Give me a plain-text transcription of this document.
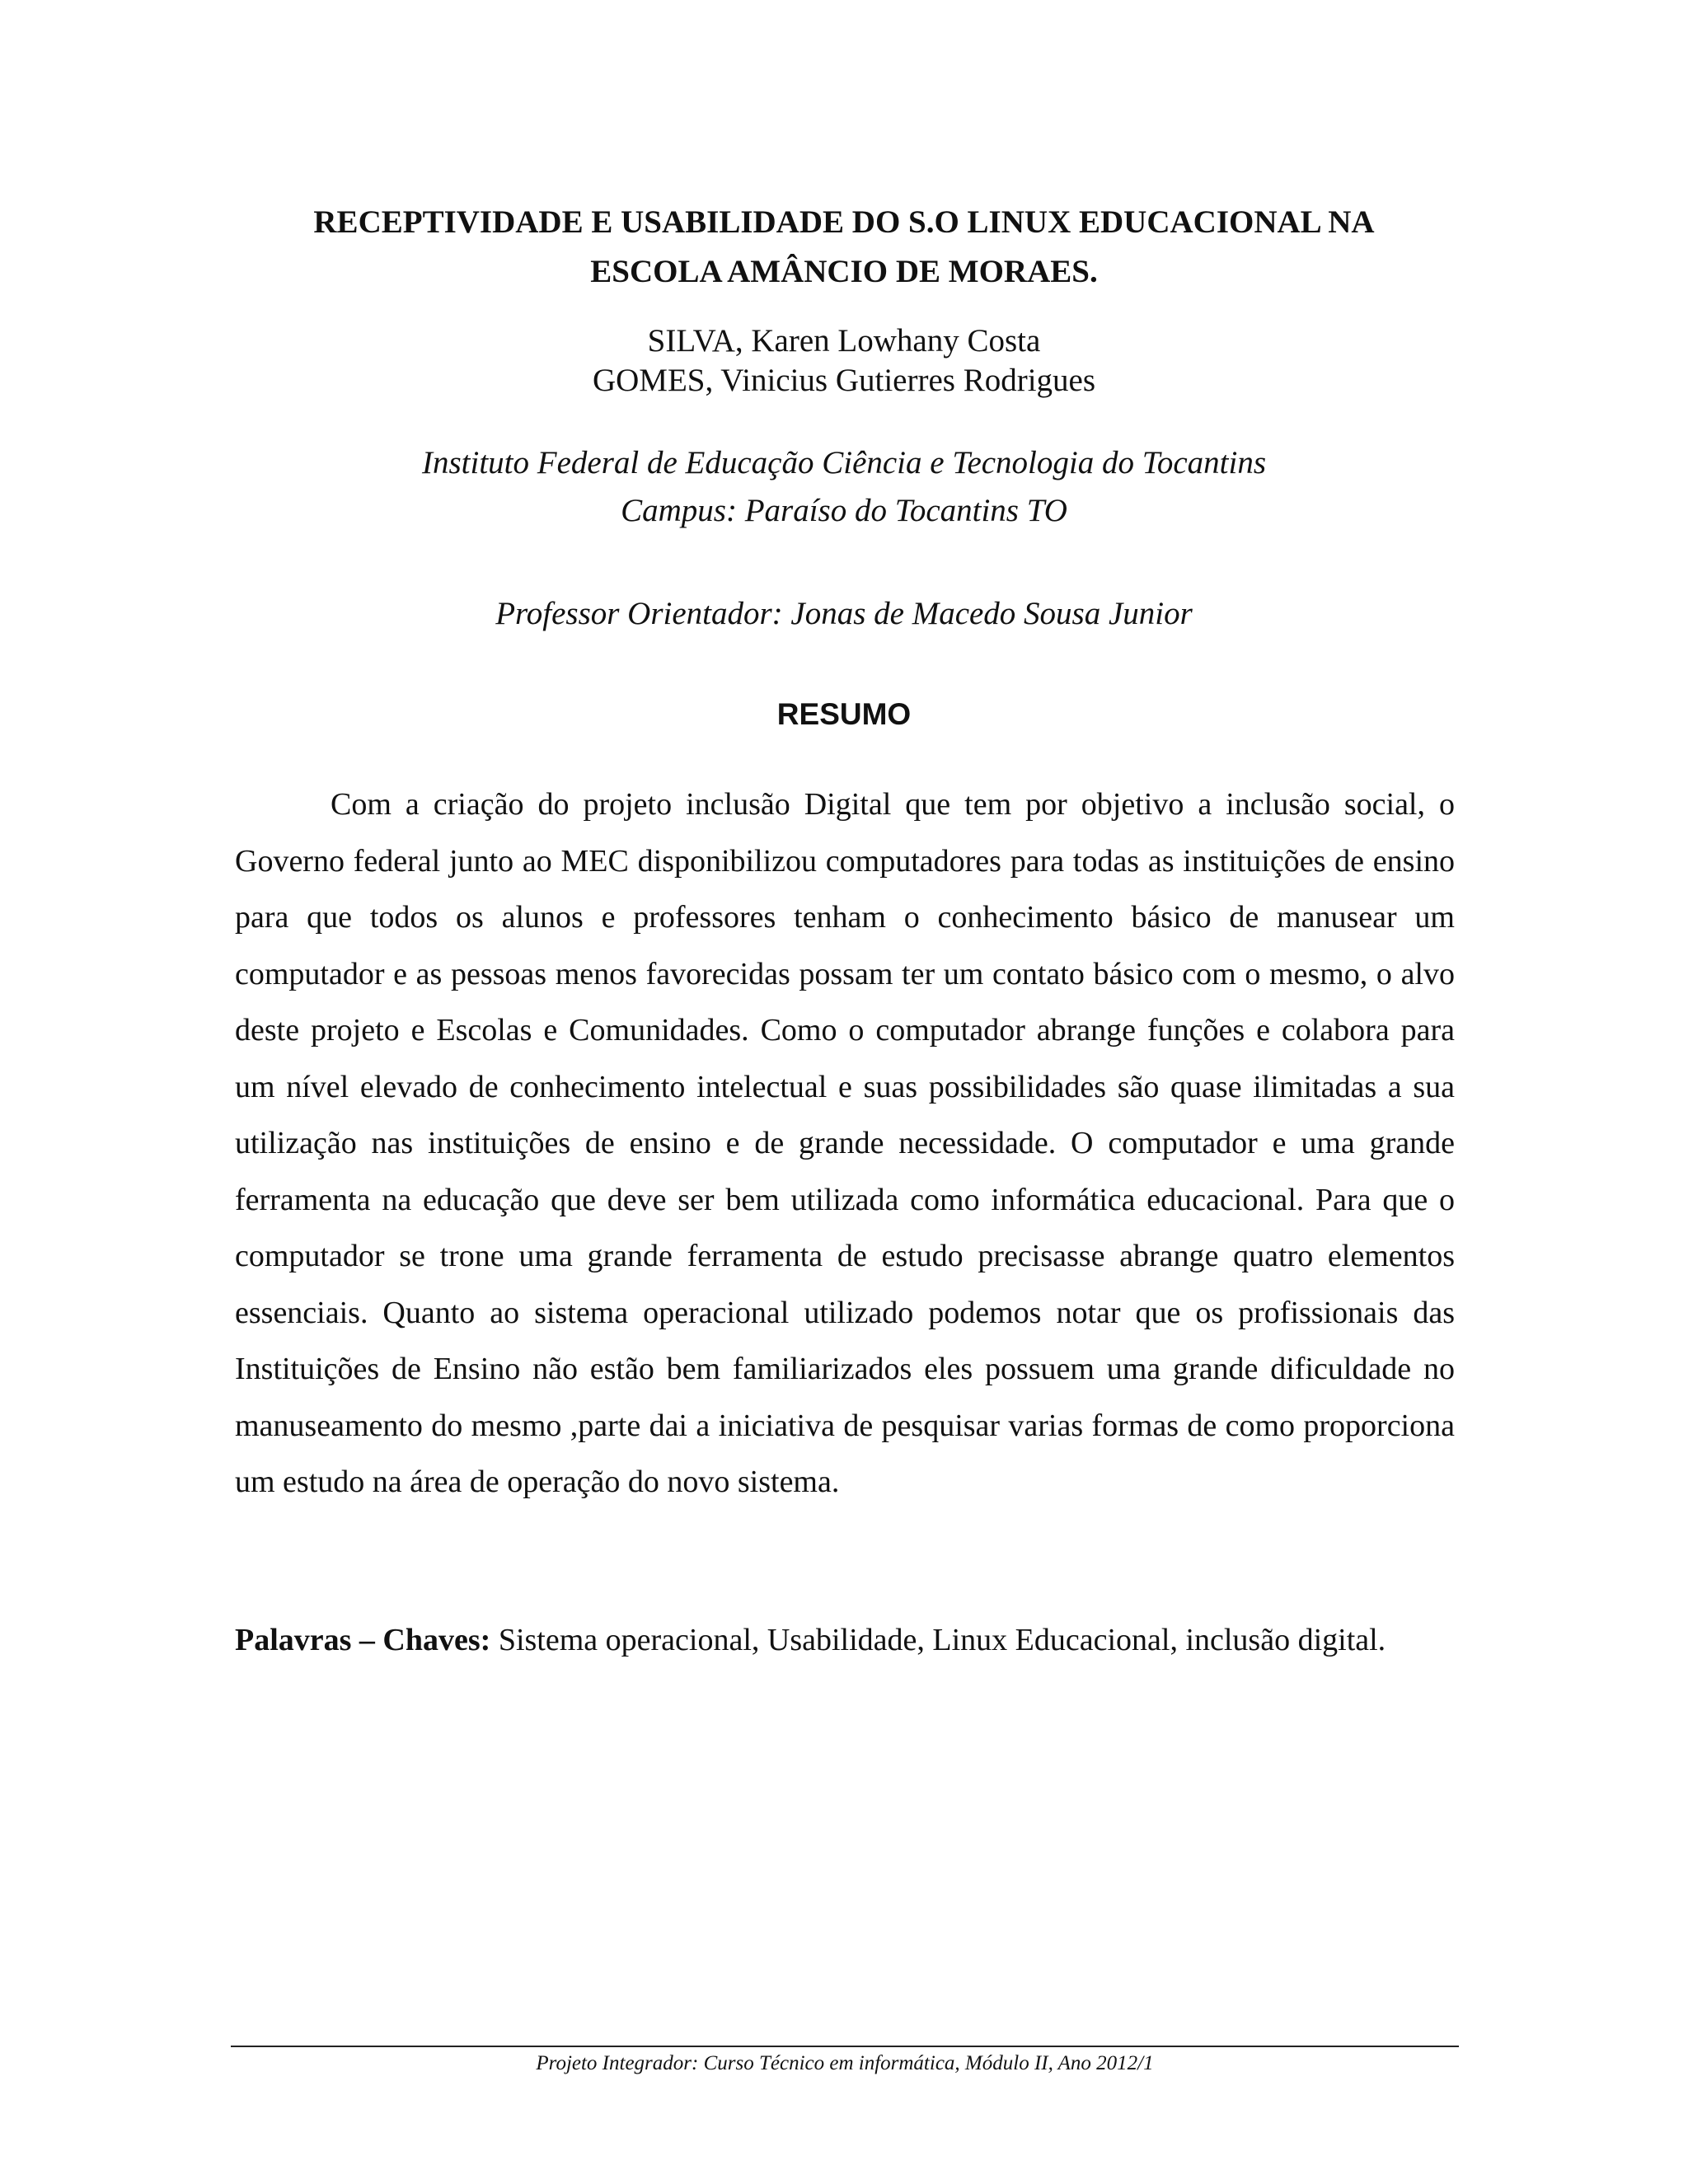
RECEPTIVIDADE E USABILIDADE DO S.O LINUX EDUCACIONAL NA
ESCOLA AMÂNCIO DE MORAES.
SILVA, Karen Lowhany Costa
GOMES, Vinicius Gutierres Rodrigues
Instituto Federal de Educação Ciência e Tecnologia do Tocantins
Campus: Paraíso do Tocantins TO
Professor Orientador: Jonas de Macedo Sousa Junior
RESUMO

Com a criação do projeto inclusão Digital que tem por objetivo a inclusão social, o Governo federal junto ao MEC disponibilizou computadores para todas as instituições de ensino para que todos os alunos e professores tenham o conhecimento básico de manusear um computador e as pessoas menos favorecidas possam ter um contato básico com o mesmo, o alvo deste projeto e Escolas e Comunidades. Como o computador abrange funções e colabora para um nível elevado de conhecimento intelectual e suas possibilidades são quase ilimitadas a sua utilização nas instituições de ensino e de grande necessidade. O computador e uma grande ferramenta na educação que deve ser bem utilizada como informática educacional. Para que o computador se trone uma grande ferramenta de estudo precisasse abrange quatro elementos essenciais. Quanto ao sistema operacional utilizado podemos notar que os profissionais das Instituições de Ensino não estão bem familiarizados eles possuem uma grande dificuldade no manuseamento do mesmo ,parte dai a iniciativa de pesquisar varias formas de como proporciona um estudo na área de operação do novo sistema.

Palavras – Chaves: Sistema operacional, Usabilidade, Linux Educacional, inclusão digital.
Projeto Integrador: Curso Técnico em informática, Módulo II, Ano 2012/1
